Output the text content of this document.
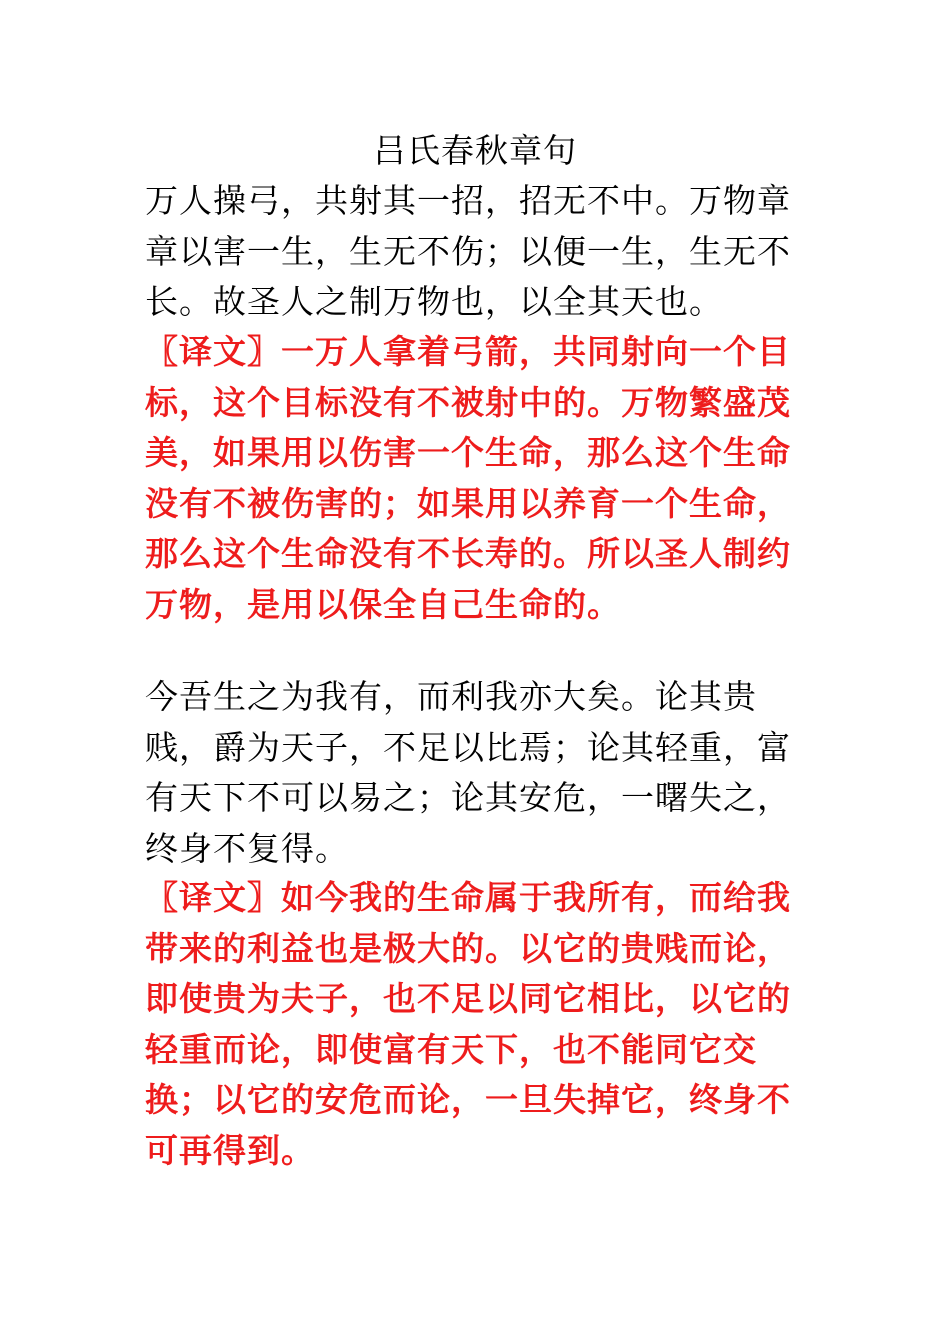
吕氏春秋章句

万人操弓，共射其一招，招无不中。万物章章以害一生，生无不伤；以便一生，生无不长。故圣人之制万物也，以全其天也。

〖译文〗一万人拿着弓箭，共同射向一个目标，这个目标没有不被射中的。万物繁盛茂美，如果用以伤害一个生命，那么这个生命没有不被伤害的；如果用以养育一个生命，那么这个生命没有不长寿的。所以圣人制约万物，是用以保全自己生命的。

今吾生之为我有，而利我亦大矣。论其贵贱，爵为天子，不足以比焉；论其轻重，富有天下不可以易之；论其安危，一曙失之，终身不复得。

〖译文〗如今我的生命属于我所有，而给我带来的利益也是极大的。以它的贵贱而论，即使贵为夫子，也不足以同它相比，以它的轻重而论，即使富有天下，也不能同它交换；以它的安危而论，一旦失掉它，终身不可再得到。
